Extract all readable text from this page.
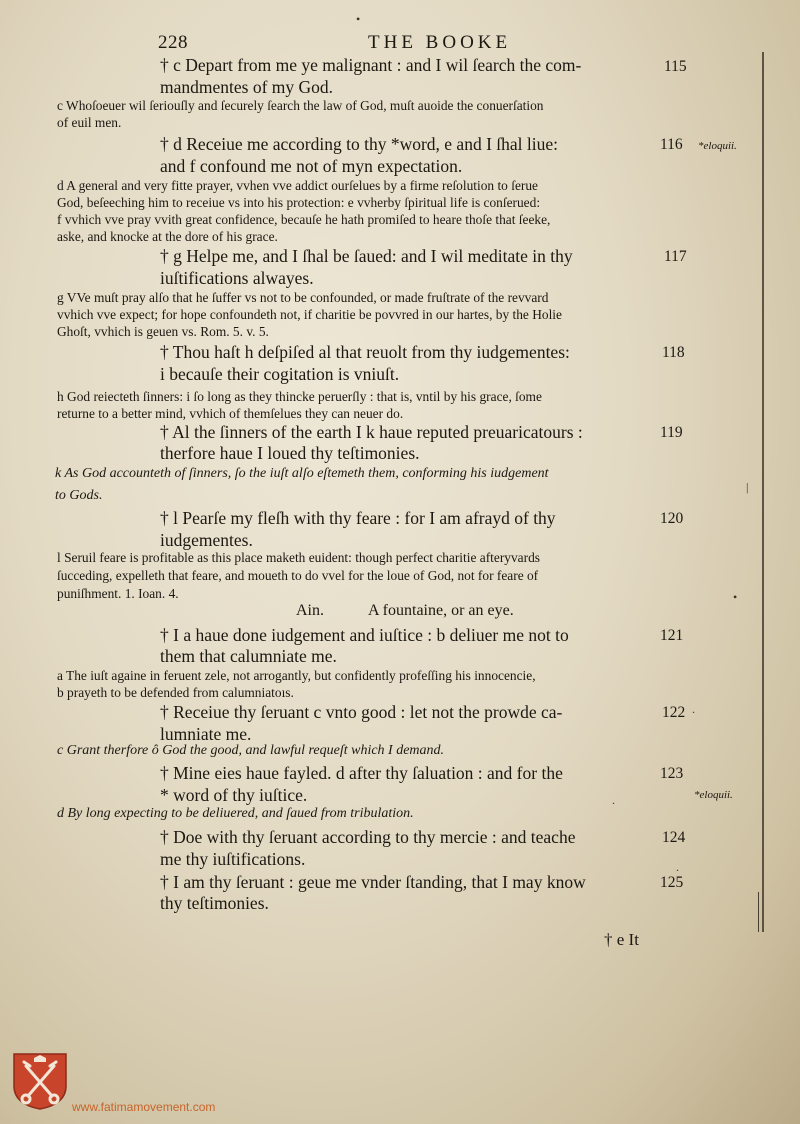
228	THE BOOKE
•
† c Depart from me ye malignant : and I wil ſearch the com-
mandmentes of my God.
115
c Whoſoeuer wil ſeriouſly and ſecurely ſearch the law of God, muſt auoide the conuerſation
of euil men.
† d Receiue me according to thy *word, e and I ſhal liue:
and f confound me not of myn expectation.
116 *eloquii.
d A general and very fitte prayer, vvhen vve addict ourſelues by a firme reſolution to ſerue
God, beſeeching him to receiue vs into his protection: e vvherby ſpiritual life is conſerued:
f vvhich vve pray vvith great confidence, becauſe he hath promiſed to heare thoſe that ſeeke,
aske, and knocke at the dore of his grace.
† g Helpe me, and I ſhal be ſaued: and I wil meditate in thy
iuſtifications alwayes.
117
g VVe muſt pray alſo that he ſuffer vs not to be confounded, or made fruſtrate of the revvard
vvhich vve expect; for hope confoundeth not, if charitie be povvred in our hartes, by the Holie
Ghoſt, vvhich is geuen vs. Rom. 5. v. 5.
† Thou haſt h deſpiſed al that reuolt from thy iudgementes:
i becauſe their cogitation is vniuſt.
118
h God reiecteth ſinners: i ſo long as they thincke peruerſly : that is, vntil by his grace, ſome
returne to a better mind, vvhich of themſelues they can neuer do.
† Al the ſinners of the earth I k haue reputed preuaricatours :
therfore haue I loued thy teſtimonies.
119
k As God accounteth of ſinners, ſo the iuſt alſo eſtemeth them, conforming his iudgement
to Gods.
† l Pearſe my fleſh with thy feare : for I am afrayd of thy
iudgementes.
120
l Seruil feare is profitable as this place maketh euident: though perfect charitie afteryvards
ſucceding, expelleth that feare, and moueth to do vvel for the loue of God, not for feare of
puniſhment. 1. Ioan. 4.
Ain.	A fountaine, or an eye.
† I a haue done iudgement and iuſtice : b deliuer me not to
them that calumniate me.
121
a The iuſt againe in feruent zele, not arrogantly, but confidently profeſſing his innocencie,
b prayeth to be defended from calumniatoıs.
† Receiue thy ſeruant c vnto good : let not the prowde ca-
lumniate me.
122
c Grant therfore ô God the good, and lawful requeſt which I demand.
† Mine eies haue fayled. d after thy ſaluation : and for the
* word of thy iuſtice.
123
*eloquii.
d By long expecting to be deliuered, and ſaued from tribulation.
† Doe with thy ſeruant according to thy mercie : and teache
me thy iuſtifications.
124
† I am thy ſeruant : geue me vnder ſtanding, that I may know
thy teſtimonies.
125
† e It
•
|
.
.
.
www.fatimamovement.com
